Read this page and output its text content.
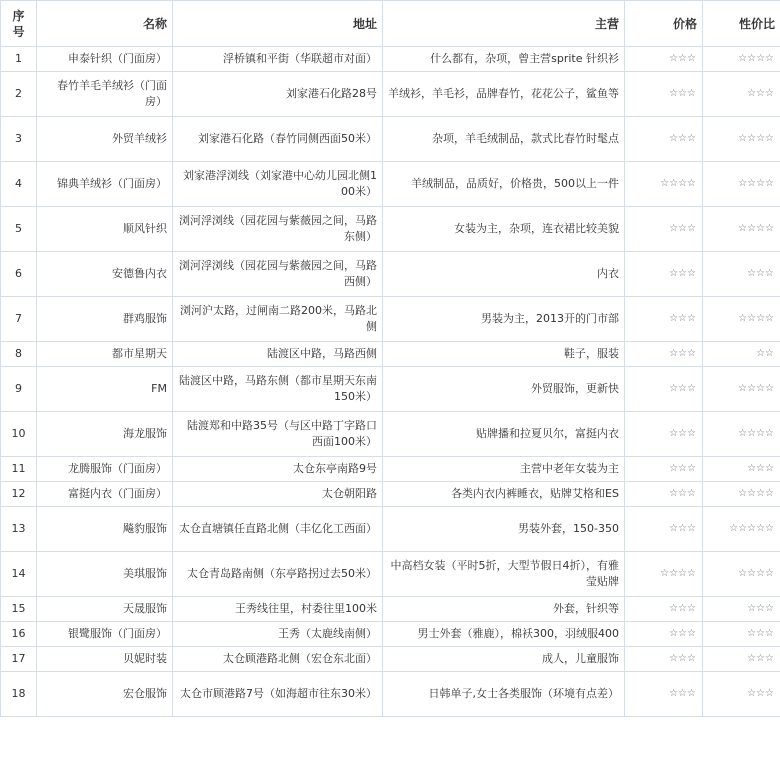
序号	名称	地址	主营	价格	性价比
1	申泰针织（门面房）	浮桥镇和平街（华联超市对面）	什么都有，杂项，曾主营sprite 针织衫	☆☆☆	☆☆☆☆
2	春竹羊毛羊绒衫（门面房）	刘家港石化路28号	羊绒衫，羊毛衫，品牌春竹，花花公子，鲨鱼等	☆☆☆	☆☆☆
3	外贸羊绒衫	刘家港石化路（春竹同侧西面50米）	杂项，羊毛绒制品，款式比春竹时髦点	☆☆☆	☆☆☆☆
4	锦典羊绒衫（门面房）	刘家港浮浏线（刘家港中心幼儿园北侧100米）	羊绒制品，品质好，价格贵，500以上一件	☆☆☆☆	☆☆☆☆
5	顺风针织	浏河浮浏线（园花园与紫薇园之间，马路东侧）	女装为主，杂项，连衣裙比较美貌	☆☆☆	☆☆☆☆
6	安德鲁内衣	浏河浮浏线（园花园与紫薇园之间，马路西侧）	内衣	☆☆☆	☆☆☆
7	群鸡服饰	浏河沪太路，过闸南二路200米，马路北侧	男装为主，2013开的门市部	☆☆☆	☆☆☆☆
8	都市星期天	陆渡区中路，马路西侧	鞋子，服装	☆☆☆	☆☆
9	FM	陆渡区中路，马路东侧（都市星期天东南150米）	外贸服饰，更新快	☆☆☆	☆☆☆☆
10	海龙服饰	陆渡郑和中路35号（与区中路丁字路口西面100米）	贴牌播和拉夏贝尔，富挺内衣	☆☆☆	☆☆☆☆
11	龙腾服饰（门面房）	太仓东亭南路9号	主营中老年女装为主	☆☆☆	☆☆☆
12	富挺内衣（门面房）	太仓朝阳路	各类内衣内裤睡衣，贴牌艾格和ES	☆☆☆	☆☆☆☆
13	飚豹服饰	太仓直塘镇任直路北侧（丰亿化工西面）	男装外套，150-350	☆☆☆	☆☆☆☆☆
14	美琪服饰	太仓青岛路南侧（东亭路拐过去50米）	中高档女装（平时5折，大型节假日4折），有雅莹贴牌	☆☆☆☆	☆☆☆☆
15	天晟服饰	王秀线往里，村委往里100米	外套，针织等	☆☆☆	☆☆☆
16	银鹭服饰（门面房）	王秀（太鹿线南侧）	男士外套（雅鹿），棉袄300，羽绒服400	☆☆☆	☆☆☆
17	贝妮时装	太仓顾港路北侧（宏仓东北面）	成人，儿童服饰	☆☆☆	☆☆☆
18	宏仓服饰	太仓市顾港路7号（如海超市往东30米）	日韩单子,女士各类服饰（环境有点差）	☆☆☆	☆☆☆
